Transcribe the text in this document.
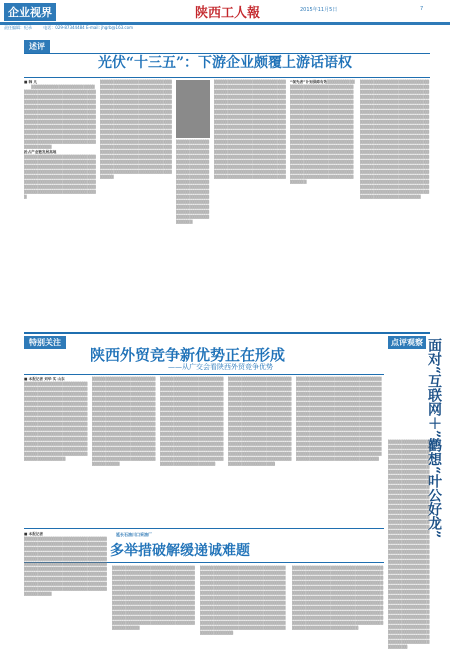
企业视界	陕西工人報	2015年11月5日	7
责任编辑：纪录	电话：029-87344484 E-mail: jhgrb@163.com
述评
光伏“十三五”：下游企业颇覆上游话语权
■ 韩 凡
　　▒▒▒▒▒▒▒▒▒▒▒▒▒▒▒▒▒▒▒▒▒▒▒▒▒▒▒▒▒▒▒▒▒▒▒▒▒▒▒▒▒▒▒▒▒▒▒▒▒▒▒▒▒▒▒▒▒▒▒▒▒▒▒▒▒▒▒▒▒▒▒▒▒▒▒▒▒▒▒▒▒▒▒▒▒▒▒▒▒▒▒▒▒▒▒▒▒▒▒▒▒▒▒▒▒▒▒▒▒▒▒▒▒▒▒▒▒▒▒▒▒▒▒▒▒▒▒▒▒▒▒▒▒▒▒▒▒▒▒▒▒▒▒▒▒▒▒▒▒▒▒▒▒▒▒▒▒▒▒▒▒▒▒▒▒▒▒▒▒▒▒▒▒▒▒▒▒▒▒▒▒▒▒▒▒▒▒▒▒▒▒▒▒▒▒▒▒▒▒▒▒▒▒▒▒▒▒▒▒▒▒▒▒▒▒▒▒▒▒▒▒▒▒▒▒▒▒▒▒▒▒▒▒▒▒▒▒▒▒▒▒▒▒▒▒▒▒▒▒▒▒▒▒▒▒▒▒▒▒▒▒▒▒▒▒▒▒▒▒▒▒▒▒▒▒▒▒▒▒▒▒▒▒▒▒▒▒▒▒▒▒▒▒▒▒▒▒▒▒▒▒▒▒▒▒▒▒▒▒▒▒▒▒▒▒▒▒▒▒
抢占产业链发展高地
▒▒▒▒▒▒▒▒▒▒▒▒▒▒▒▒▒▒▒▒▒▒▒▒▒▒▒▒▒▒▒▒▒▒▒▒▒▒▒▒▒▒▒▒▒▒▒▒▒▒▒▒▒▒▒▒▒▒▒▒▒▒▒▒▒▒▒▒▒▒▒▒▒▒▒▒▒▒▒▒▒▒▒▒▒▒▒▒▒▒▒▒▒▒▒▒▒▒▒▒▒▒▒▒▒▒▒▒▒▒▒▒▒▒▒▒▒▒▒▒▒▒▒▒▒▒▒▒▒▒▒▒▒▒▒▒▒▒▒▒▒▒▒▒▒▒▒▒▒▒▒▒▒▒▒▒▒▒▒▒▒▒▒▒▒▒▒▒▒▒▒▒▒▒▒▒▒▒▒▒▒▒▒▒▒▒▒▒▒▒▒▒▒▒▒▒▒▒▒▒▒▒▒▒▒▒▒▒▒
▒▒▒▒▒▒▒▒▒▒▒▒▒▒▒▒▒▒▒▒▒▒▒▒▒▒▒▒▒▒▒▒▒▒▒▒▒▒▒▒▒▒▒▒▒▒▒▒▒▒▒▒▒▒▒▒▒▒▒▒▒▒▒▒▒▒▒▒▒▒▒▒▒▒▒▒▒▒▒▒▒▒▒▒▒▒▒▒▒▒▒▒▒▒▒▒▒▒▒▒▒▒▒▒▒▒▒▒▒▒▒▒▒▒▒▒▒▒▒▒▒▒▒▒▒▒▒▒▒▒▒▒▒▒▒▒▒▒▒▒▒▒▒▒▒▒▒▒▒▒▒▒▒▒▒▒▒▒▒▒▒▒▒▒▒▒▒▒▒▒▒▒▒▒▒▒▒▒▒▒▒▒▒▒▒▒▒▒▒▒▒▒▒▒▒▒▒▒▒▒▒▒▒▒▒▒▒▒▒▒▒▒▒▒▒▒▒▒▒▒▒▒▒▒▒▒▒▒▒▒▒▒▒▒▒▒▒▒▒▒▒▒▒▒▒▒▒▒▒▒▒▒▒▒▒▒▒▒▒▒▒▒▒▒▒▒▒▒▒▒▒▒▒▒▒▒▒▒▒▒▒▒▒▒▒▒▒▒▒▒▒▒▒▒▒▒▒▒▒▒▒▒▒▒▒▒▒▒▒▒▒▒▒▒▒▒▒▒▒▒▒▒▒▒▒▒▒▒▒▒▒▒▒▒▒▒▒▒▒▒▒▒▒▒▒▒▒▒▒▒▒▒▒▒▒▒▒▒▒▒▒▒▒▒▒▒▒▒▒▒▒▒▒▒▒▒▒▒▒▒▒▒▒▒▒▒▒▒▒▒▒▒▒▒▒▒▒▒▒▒▒▒▒▒▒▒▒▒▒▒▒▒▒▒▒▒▒▒▒▒▒▒▒▒▒▒▒▒▒▒▒▒▒▒▒▒▒▒▒▒▒▒▒▒▒▒▒▒▒▒▒▒▒▒▒▒▒▒▒▒▒▒▒▒▒▒▒▒▒▒▒▒▒▒▒▒▒▒▒▒▒▒▒▒▒▒▒▒▒▒▒▒▒▒▒▒▒▒▒
▒▒▒▒▒▒▒▒▒▒▒▒▒▒▒▒▒▒▒▒▒▒▒▒▒▒▒▒▒▒▒▒▒▒▒▒▒▒▒▒▒▒▒▒▒▒▒▒▒▒▒▒▒▒▒▒▒▒▒▒▒▒▒▒▒▒▒▒▒▒▒▒▒▒▒▒▒▒▒▒▒▒▒▒▒▒▒▒▒▒▒▒▒▒▒▒▒▒▒▒▒▒▒▒▒▒▒▒▒▒▒▒▒▒▒▒▒▒▒▒▒▒▒▒▒▒▒▒▒▒▒▒▒▒▒▒▒▒▒▒▒▒▒▒▒▒▒▒▒▒▒▒▒▒▒▒▒▒▒▒▒▒▒▒▒▒▒▒▒▒▒▒▒▒▒▒▒▒▒▒▒▒▒▒▒▒▒▒▒▒▒▒▒▒▒▒▒▒
▒▒▒▒▒▒▒▒▒▒▒▒▒▒▒▒▒▒▒▒▒▒▒▒▒▒▒▒▒▒▒▒▒▒▒▒▒▒▒▒▒▒▒▒▒▒▒▒▒▒▒▒▒▒▒▒▒▒▒▒▒▒▒▒▒▒▒▒▒▒▒▒▒▒▒▒▒▒▒▒▒▒▒▒▒▒▒▒▒▒▒▒▒▒▒▒▒▒▒▒▒▒▒▒▒▒▒▒▒▒▒▒▒▒▒▒▒▒▒▒▒▒▒▒▒▒▒▒▒▒▒▒▒▒▒▒▒▒▒▒▒▒▒▒▒▒▒▒▒▒▒▒▒▒▒▒▒▒▒▒▒▒▒▒▒▒▒▒▒▒▒▒▒▒▒▒▒▒▒▒▒▒▒▒▒▒▒▒▒▒▒▒▒▒▒▒▒▒▒▒▒▒▒▒▒▒▒▒▒▒▒▒▒▒▒▒▒▒▒▒▒▒▒▒▒▒▒▒▒▒▒▒▒▒▒▒▒▒▒▒▒▒▒▒▒▒▒▒▒▒▒▒▒▒▒▒▒▒▒▒▒▒▒▒▒▒▒▒▒▒▒▒▒▒▒▒▒▒▒▒▒▒▒▒▒▒▒▒▒▒▒▒▒▒▒▒▒▒▒▒▒▒▒▒▒▒▒▒▒▒▒▒▒▒▒▒▒▒▒▒▒▒▒▒▒▒▒▒▒▒▒▒▒▒▒▒▒▒▒▒▒▒▒▒▒▒▒▒▒▒▒▒▒▒▒▒▒▒▒▒▒▒▒▒▒▒▒▒▒▒▒▒▒▒▒▒▒▒▒▒▒▒▒▒▒▒▒▒▒▒▒▒▒▒▒▒▒▒▒▒▒▒▒▒▒▒▒▒▒▒▒▒▒▒▒▒▒▒▒▒▒▒▒▒▒▒▒▒▒▒▒▒▒▒▒▒▒▒▒▒▒▒▒▒▒▒▒▒▒▒▒▒▒▒▒▒▒▒▒▒▒▒▒▒▒▒▒▒▒▒▒▒▒▒▒▒▒▒▒▒▒▒▒▒▒▒▒▒▒▒▒▒▒▒▒▒▒▒▒▒▒▒▒▒▒▒▒▒▒▒▒▒▒▒▒▒▒▒▒▒
“领先者”计划保障有效▒▒▒▒▒▒▒▒▒▒▒▒▒▒▒▒▒▒▒▒▒▒▒▒▒▒▒▒▒▒▒▒▒▒▒▒▒▒▒▒▒▒▒▒▒▒▒▒▒▒▒▒▒▒▒▒▒▒▒▒▒▒▒▒▒▒▒▒▒▒▒▒▒▒▒▒▒▒▒▒▒▒▒▒▒▒▒▒▒▒▒▒▒▒▒▒▒▒▒▒▒▒▒▒▒▒▒▒▒▒▒▒▒▒▒▒▒▒▒▒▒▒▒▒▒▒▒▒▒▒▒▒▒▒▒▒▒▒▒▒▒▒▒▒▒▒▒▒▒▒▒▒▒▒▒▒▒▒▒▒▒▒▒▒▒▒▒▒▒▒▒▒▒▒▒▒▒▒▒▒▒▒▒▒▒▒▒▒▒▒▒▒▒▒▒▒▒▒▒▒▒▒▒▒▒▒▒▒▒▒▒▒▒▒▒▒▒▒▒▒▒▒▒▒▒▒▒▒▒▒▒▒▒▒▒▒▒▒▒▒▒▒▒▒▒▒▒▒▒▒▒▒▒▒▒▒▒▒▒▒▒▒▒▒▒▒▒▒▒▒▒▒▒▒▒▒▒▒▒▒▒▒▒▒▒▒▒▒▒▒▒▒▒▒▒▒▒▒▒▒▒▒▒▒▒▒▒▒▒▒▒▒▒▒▒▒▒▒▒▒▒▒▒▒▒▒▒▒▒▒▒▒▒▒▒▒▒▒▒▒▒▒▒▒▒▒▒▒▒▒▒▒▒▒▒▒▒▒▒▒▒▒▒▒▒▒▒▒▒▒▒▒▒▒▒▒▒▒▒▒▒▒▒▒▒▒▒▒▒▒▒▒▒▒▒▒▒▒▒▒▒▒▒▒▒▒▒▒▒▒▒▒▒▒▒▒▒▒▒▒▒▒▒▒▒▒▒▒▒▒▒▒▒▒▒▒▒▒▒▒▒▒▒▒▒▒▒▒▒▒▒▒▒
▒▒▒▒▒▒▒▒▒▒▒▒▒▒▒▒▒▒▒▒▒▒▒▒▒▒▒▒▒▒▒▒▒▒▒▒▒▒▒▒▒▒▒▒▒▒▒▒▒▒▒▒▒▒▒▒▒▒▒▒▒▒▒▒▒▒▒▒▒▒▒▒▒▒▒▒▒▒▒▒▒▒▒▒▒▒▒▒▒▒▒▒▒▒▒▒▒▒▒▒▒▒▒▒▒▒▒▒▒▒▒▒▒▒▒▒▒▒▒▒▒▒▒▒▒▒▒▒▒▒▒▒▒▒▒▒▒▒▒▒▒▒▒▒▒▒▒▒▒▒▒▒▒▒▒▒▒▒▒▒▒▒▒▒▒▒▒▒▒▒▒▒▒▒▒▒▒▒▒▒▒▒▒▒▒▒▒▒▒▒▒▒▒▒▒▒▒▒▒▒▒▒▒▒▒▒▒▒▒▒▒▒▒▒▒▒▒▒▒▒▒▒▒▒▒▒▒▒▒▒▒▒▒▒▒▒▒▒▒▒▒▒▒▒▒▒▒▒▒▒▒▒▒▒▒▒▒▒▒▒▒▒▒▒▒▒▒▒▒▒▒▒▒▒▒▒▒▒▒▒▒▒▒▒▒▒▒▒▒▒▒▒▒▒▒▒▒▒▒▒▒▒▒▒▒▒▒▒▒▒▒▒▒▒▒▒▒▒▒▒▒▒▒▒▒▒▒▒▒▒▒▒▒▒▒▒▒▒▒▒▒▒▒▒▒▒▒▒▒▒▒▒▒▒▒▒▒▒▒▒▒▒▒▒▒▒▒▒▒▒▒▒▒▒▒▒▒▒▒▒▒▒▒▒▒▒▒▒▒▒▒▒▒▒▒▒▒▒▒▒▒▒▒▒▒▒▒▒▒▒▒▒▒▒▒▒▒▒▒▒▒▒▒▒▒▒▒▒▒▒▒▒▒▒▒▒▒▒▒▒▒▒▒▒▒▒▒▒▒▒▒▒▒▒▒▒▒▒▒▒▒▒▒▒▒▒▒▒▒▒▒▒▒▒▒▒▒▒▒▒▒▒▒▒▒▒▒▒▒▒▒▒▒▒▒▒▒▒▒▒▒▒▒▒▒▒▒▒▒▒▒▒▒▒▒▒▒▒▒▒▒▒▒▒▒▒▒▒▒▒▒▒▒▒▒▒▒▒▒▒▒▒▒▒▒▒▒▒▒▒▒▒▒▒▒▒▒▒▒▒▒▒▒▒▒▒▒▒▒▒▒▒▒▒▒▒▒▒▒▒▒▒▒▒▒▒▒▒▒▒▒▒▒▒▒▒▒
特别关注
陕西外贸竞争新优势正在形成
——从广交会看陕西外贸竞争优势
■ 本报记者 刘华 实 山东
▒▒▒▒▒▒▒▒▒▒▒▒▒▒▒▒▒▒▒▒▒▒▒▒▒▒▒▒▒▒▒▒▒▒▒▒▒▒▒▒▒▒▒▒▒▒▒▒▒▒▒▒▒▒▒▒▒▒▒▒▒▒▒▒▒▒▒▒▒▒▒▒▒▒▒▒▒▒▒▒▒▒▒▒▒▒▒▒▒▒▒▒▒▒▒▒▒▒▒▒▒▒▒▒▒▒▒▒▒▒▒▒▒▒▒▒▒▒▒▒▒▒▒▒▒▒▒▒▒▒▒▒▒▒▒▒▒▒▒▒▒▒▒▒▒▒▒▒▒▒▒▒▒▒▒▒▒▒▒▒▒▒▒▒▒▒▒▒▒▒▒▒▒▒▒▒▒▒▒▒▒▒▒▒▒▒▒▒▒▒▒▒▒▒▒▒▒▒▒▒▒▒▒▒▒▒▒▒▒▒▒▒▒▒▒▒▒▒▒▒▒▒▒▒▒▒▒▒▒▒▒▒▒▒▒▒▒▒▒▒▒▒▒▒▒▒▒▒▒▒▒▒▒▒▒▒▒▒▒▒▒▒▒▒▒▒▒▒▒▒▒▒▒▒▒▒▒▒▒▒▒▒▒▒▒▒▒▒▒▒▒▒▒▒▒▒▒▒▒▒▒▒▒▒▒▒▒▒▒▒▒▒▒▒▒▒▒▒▒▒▒▒▒▒▒▒▒▒▒▒▒▒▒▒▒▒▒▒▒▒▒▒▒▒▒▒▒▒▒▒▒▒▒▒▒▒▒▒▒▒
▒▒▒▒▒▒▒▒▒▒▒▒▒▒▒▒▒▒▒▒▒▒▒▒▒▒▒▒▒▒▒▒▒▒▒▒▒▒▒▒▒▒▒▒▒▒▒▒▒▒▒▒▒▒▒▒▒▒▒▒▒▒▒▒▒▒▒▒▒▒▒▒▒▒▒▒▒▒▒▒▒▒▒▒▒▒▒▒▒▒▒▒▒▒▒▒▒▒▒▒▒▒▒▒▒▒▒▒▒▒▒▒▒▒▒▒▒▒▒▒▒▒▒▒▒▒▒▒▒▒▒▒▒▒▒▒▒▒▒▒▒▒▒▒▒▒▒▒▒▒▒▒▒▒▒▒▒▒▒▒▒▒▒▒▒▒▒▒▒▒▒▒▒▒▒▒▒▒▒▒▒▒▒▒▒▒▒▒▒▒▒▒▒▒▒▒▒▒▒▒▒▒▒▒▒▒▒▒▒▒▒▒▒▒▒▒▒▒▒▒▒▒▒▒▒▒▒▒▒▒▒▒▒▒▒▒▒▒▒▒▒▒▒▒▒▒▒▒▒▒▒▒▒▒▒▒▒▒▒▒▒▒▒▒▒▒▒▒▒▒▒▒▒▒▒▒▒▒▒▒▒▒▒▒▒▒▒▒▒▒▒▒▒▒▒▒▒▒▒▒▒▒▒▒▒▒▒▒▒▒▒▒▒▒▒▒▒▒▒▒▒▒▒▒▒▒▒▒▒▒▒▒▒▒▒▒▒▒▒▒▒▒▒▒▒▒▒▒▒▒▒▒▒▒▒▒▒▒▒▒▒▒▒▒▒▒▒▒▒▒▒▒▒▒▒▒▒▒▒▒▒▒▒▒▒▒▒▒▒▒▒▒▒▒▒▒▒▒▒▒▒
▒▒▒▒▒▒▒▒▒▒▒▒▒▒▒▒▒▒▒▒▒▒▒▒▒▒▒▒▒▒▒▒▒▒▒▒▒▒▒▒▒▒▒▒▒▒▒▒▒▒▒▒▒▒▒▒▒▒▒▒▒▒▒▒▒▒▒▒▒▒▒▒▒▒▒▒▒▒▒▒▒▒▒▒▒▒▒▒▒▒▒▒▒▒▒▒▒▒▒▒▒▒▒▒▒▒▒▒▒▒▒▒▒▒▒▒▒▒▒▒▒▒▒▒▒▒▒▒▒▒▒▒▒▒▒▒▒▒▒▒▒▒▒▒▒▒▒▒▒▒▒▒▒▒▒▒▒▒▒▒▒▒▒▒▒▒▒▒▒▒▒▒▒▒▒▒▒▒▒▒▒▒▒▒▒▒▒▒▒▒▒▒▒▒▒▒▒▒▒▒▒▒▒▒▒▒▒▒▒▒▒▒▒▒▒▒▒▒▒▒▒▒▒▒▒▒▒▒▒▒▒▒▒▒▒▒▒▒▒▒▒▒▒▒▒▒▒▒▒▒▒▒▒▒▒▒▒▒▒▒▒▒▒▒▒▒▒▒▒▒▒▒▒▒▒▒▒▒▒▒▒▒▒▒▒▒▒▒▒▒▒▒▒▒▒▒▒▒▒▒▒▒▒▒▒▒▒▒▒▒▒▒▒▒▒▒▒▒▒▒▒▒▒▒▒▒▒▒▒▒▒▒▒▒▒▒▒▒▒▒▒▒▒▒▒▒▒▒▒▒▒▒▒▒▒▒▒▒▒▒▒▒▒▒▒▒▒▒▒▒▒▒▒▒▒▒▒▒▒▒▒▒▒▒▒▒▒▒▒▒▒▒▒▒▒▒▒▒▒▒▒▒▒▒▒▒▒▒▒▒▒
▒▒▒▒▒▒▒▒▒▒▒▒▒▒▒▒▒▒▒▒▒▒▒▒▒▒▒▒▒▒▒▒▒▒▒▒▒▒▒▒▒▒▒▒▒▒▒▒▒▒▒▒▒▒▒▒▒▒▒▒▒▒▒▒▒▒▒▒▒▒▒▒▒▒▒▒▒▒▒▒▒▒▒▒▒▒▒▒▒▒▒▒▒▒▒▒▒▒▒▒▒▒▒▒▒▒▒▒▒▒▒▒▒▒▒▒▒▒▒▒▒▒▒▒▒▒▒▒▒▒▒▒▒▒▒▒▒▒▒▒▒▒▒▒▒▒▒▒▒▒▒▒▒▒▒▒▒▒▒▒▒▒▒▒▒▒▒▒▒▒▒▒▒▒▒▒▒▒▒▒▒▒▒▒▒▒▒▒▒▒▒▒▒▒▒▒▒▒▒▒▒▒▒▒▒▒▒▒▒▒▒▒▒▒▒▒▒▒▒▒▒▒▒▒▒▒▒▒▒▒▒▒▒▒▒▒▒▒▒▒▒▒▒▒▒▒▒▒▒▒▒▒▒▒▒▒▒▒▒▒▒▒▒▒▒▒▒▒▒▒▒▒▒▒▒▒▒▒▒▒▒▒▒▒▒▒▒▒▒▒▒▒▒▒▒▒▒▒▒▒▒▒▒▒▒▒▒▒▒▒▒▒▒▒▒▒▒▒▒▒▒▒▒▒▒▒▒▒▒▒▒▒▒▒▒▒▒▒▒▒▒▒▒▒▒▒▒▒▒▒▒▒▒▒▒▒▒▒▒▒▒▒▒▒▒▒▒▒▒▒▒▒▒▒▒▒▒▒▒▒▒▒▒▒▒▒▒▒▒▒▒▒▒▒▒▒▒▒▒▒▒▒▒▒▒▒▒▒
▒▒▒▒▒▒▒▒▒▒▒▒▒▒▒▒▒▒▒▒▒▒▒▒▒▒▒▒▒▒▒▒▒▒▒▒▒▒▒▒▒▒▒▒▒▒▒▒▒▒▒▒▒▒▒▒▒▒▒▒▒▒▒▒▒▒▒▒▒▒▒▒▒▒▒▒▒▒▒▒▒▒▒▒▒▒▒▒▒▒▒▒▒▒▒▒▒▒▒▒▒▒▒▒▒▒▒▒▒▒▒▒▒▒▒▒▒▒▒▒▒▒▒▒▒▒▒▒▒▒▒▒▒▒▒▒▒▒▒▒▒▒▒▒▒▒▒▒▒▒▒▒▒▒▒▒▒▒▒▒▒▒▒▒▒▒▒▒▒▒▒▒▒▒▒▒▒▒▒▒▒▒▒▒▒▒▒▒▒▒▒▒▒▒▒▒▒▒▒▒▒▒▒▒▒▒▒▒▒▒▒▒▒▒▒▒▒▒▒▒▒▒▒▒▒▒▒▒▒▒▒▒▒▒▒▒▒▒▒▒▒▒▒▒▒▒▒▒▒▒▒▒▒▒▒▒▒▒▒▒▒▒▒▒▒▒▒▒▒▒▒▒▒▒▒▒▒▒▒▒▒▒▒▒▒▒▒▒▒▒▒▒▒▒▒▒▒▒▒▒▒▒▒▒▒▒▒▒▒▒▒▒▒▒▒▒▒▒▒▒▒▒▒▒▒▒▒▒▒▒▒▒▒▒▒▒▒▒▒▒▒▒▒▒▒▒▒▒▒▒▒▒▒▒▒▒▒▒▒▒▒▒▒▒▒▒▒▒▒▒▒▒▒▒▒▒▒▒▒▒▒▒▒▒▒▒▒▒▒▒▒▒▒▒▒▒▒▒▒▒▒▒▒▒▒▒▒▒▒▒▒▒▒▒▒▒▒▒▒▒▒▒▒▒▒▒▒▒▒▒▒▒▒▒▒▒▒▒▒▒▒▒▒▒▒▒▒▒▒▒▒▒▒▒▒▒▒▒▒▒▒▒▒▒▒▒▒▒▒▒▒▒▒▒▒▒▒▒▒▒▒▒▒▒▒▒▒▒▒▒▒▒▒▒▒▒▒▒▒▒▒▒▒▒▒▒▒▒▒▒▒▒▒▒▒▒▒▒▒▒▒▒▒▒▒▒
点评观察 面对“互联网＋”鹳想“叶公好龙”
▒▒▒▒▒▒▒▒▒▒▒▒▒▒▒▒▒▒▒▒▒▒▒▒▒▒▒▒▒▒▒▒▒▒▒▒▒▒▒▒▒▒▒▒▒▒▒▒▒▒▒▒▒▒▒▒▒▒▒▒▒▒▒▒▒▒▒▒▒▒▒▒▒▒▒▒▒▒▒▒▒▒▒▒▒▒▒▒▒▒▒▒▒▒▒▒▒▒▒▒▒▒▒▒▒▒▒▒▒▒▒▒▒▒▒▒▒▒▒▒▒▒▒▒▒▒▒▒▒▒▒▒▒▒▒▒▒▒▒▒▒▒▒▒▒▒▒▒▒▒▒▒▒▒▒▒▒▒▒▒▒▒▒▒▒▒▒▒▒▒▒▒▒▒▒▒▒▒▒▒▒▒▒▒▒▒▒▒▒▒▒▒▒▒▒▒▒▒▒▒▒▒▒▒▒▒▒▒▒▒▒▒▒▒▒▒▒▒▒▒▒▒▒▒▒▒▒▒▒▒▒▒▒▒▒▒▒▒▒▒▒▒▒▒▒▒▒▒▒▒▒▒▒▒▒▒▒▒▒▒▒▒▒▒▒▒▒▒▒▒▒▒▒▒▒▒▒▒▒▒▒▒▒▒▒▒▒▒▒▒▒▒▒▒▒▒▒▒▒▒▒▒▒▒▒▒▒▒▒▒▒▒▒▒▒▒▒▒▒▒▒▒▒▒▒▒▒▒▒▒▒▒▒▒▒▒▒▒▒▒▒▒▒▒▒▒▒▒▒▒▒▒▒▒▒▒▒▒▒▒▒▒▒▒▒▒▒▒▒▒▒▒▒▒▒▒▒▒▒▒▒▒▒▒▒▒▒▒▒▒▒▒▒▒▒▒▒▒▒▒▒▒▒▒▒▒▒▒▒▒▒▒▒▒▒▒▒▒▒▒▒▒▒▒▒▒▒▒▒▒▒▒▒▒▒▒▒▒▒▒▒▒▒▒▒▒▒▒▒▒▒▒▒▒▒▒▒▒▒▒▒▒▒▒▒▒▒▒▒▒▒▒▒▒▒▒▒▒▒▒▒▒▒▒▒▒▒▒▒▒▒▒▒▒▒▒▒▒▒▒▒▒▒▒▒▒▒▒▒▒▒▒▒▒▒▒▒▒▒▒▒▒▒▒▒▒▒▒▒▒▒▒▒▒▒▒▒▒▒▒▒▒▒▒▒▒▒▒▒▒▒▒▒▒▒▒▒▒▒▒▒▒▒▒▒▒▒▒▒▒▒▒▒▒▒▒▒▒▒▒▒▒▒▒▒▒▒▒▒▒▒▒▒▒▒▒▒▒▒▒▒▒▒▒▒▒▒▒▒▒▒▒▒▒▒▒▒▒▒▒▒▒
延长石油川口采油厂
多举措破解缓递诚难题
■ 本报记者
▒▒▒▒▒▒▒▒▒▒▒▒▒▒▒▒▒▒▒▒▒▒▒▒▒▒▒▒▒▒▒▒▒▒▒▒▒▒▒▒▒▒▒▒▒▒▒▒▒▒▒▒▒▒▒▒▒▒▒▒▒▒▒▒▒▒▒▒▒▒▒▒▒▒▒▒▒▒▒▒▒▒▒▒▒▒▒▒▒▒▒▒▒▒▒▒▒▒▒▒▒▒▒▒▒▒▒▒▒▒▒▒▒▒▒▒▒▒▒▒▒▒▒▒▒▒▒▒▒▒▒▒▒▒▒▒▒▒▒▒▒▒▒▒▒▒▒▒▒▒▒▒▒▒▒▒▒▒▒▒▒▒▒▒▒▒▒▒▒▒▒▒▒▒▒▒▒▒▒▒▒▒▒▒▒▒▒▒▒▒▒▒▒▒▒▒▒▒▒▒▒▒▒▒▒▒▒▒▒▒▒▒▒▒▒▒▒▒▒▒▒▒▒▒▒▒▒▒▒▒▒▒▒▒▒▒▒▒▒▒▒▒▒▒▒▒▒▒▒▒▒▒▒▒▒▒▒▒▒▒▒▒▒▒▒▒▒▒▒▒▒▒▒▒▒▒▒▒▒▒▒▒▒▒▒▒▒▒▒▒▒▒▒▒▒▒▒▒▒▒▒▒▒▒▒▒▒▒▒▒▒▒▒▒▒▒▒▒▒▒▒▒▒▒▒▒▒▒▒▒▒▒▒▒▒▒▒▒▒▒
▒▒▒▒▒▒▒▒▒▒▒▒▒▒▒▒▒▒▒▒▒▒▒▒▒▒▒▒▒▒▒▒▒▒▒▒▒▒▒▒▒▒▒▒▒▒▒▒▒▒▒▒▒▒▒▒▒▒▒▒▒▒▒▒▒▒▒▒▒▒▒▒▒▒▒▒▒▒▒▒▒▒▒▒▒▒▒▒▒▒▒▒▒▒▒▒▒▒▒▒▒▒▒▒▒▒▒▒▒▒▒▒▒▒▒▒▒▒▒▒▒▒▒▒▒▒▒▒▒▒▒▒▒▒▒▒▒▒▒▒▒▒▒▒▒▒▒▒▒▒▒▒▒▒▒▒▒▒▒▒▒▒▒▒▒▒▒▒▒▒▒▒▒▒▒▒▒▒▒▒▒▒▒▒▒▒▒▒▒▒▒▒▒▒▒▒▒▒▒▒▒▒▒▒▒▒▒▒▒▒▒▒▒▒▒▒▒▒▒▒▒▒▒▒▒▒▒▒▒▒▒▒▒▒▒▒▒▒▒▒▒▒▒▒▒▒▒▒▒▒▒▒▒▒▒▒▒▒▒▒▒▒▒▒▒▒▒▒▒▒▒▒▒▒▒▒▒▒▒▒▒▒▒▒▒▒▒▒▒▒▒▒▒▒▒▒▒▒▒▒▒▒▒▒▒▒▒▒▒▒▒▒▒▒▒▒▒▒▒▒▒▒▒▒▒▒▒▒▒▒▒▒▒▒▒▒▒▒▒▒▒▒▒▒▒▒▒▒▒▒▒▒▒▒▒▒▒▒▒▒▒▒▒▒▒▒▒▒▒▒
▒▒▒▒▒▒▒▒▒▒▒▒▒▒▒▒▒▒▒▒▒▒▒▒▒▒▒▒▒▒▒▒▒▒▒▒▒▒▒▒▒▒▒▒▒▒▒▒▒▒▒▒▒▒▒▒▒▒▒▒▒▒▒▒▒▒▒▒▒▒▒▒▒▒▒▒▒▒▒▒▒▒▒▒▒▒▒▒▒▒▒▒▒▒▒▒▒▒▒▒▒▒▒▒▒▒▒▒▒▒▒▒▒▒▒▒▒▒▒▒▒▒▒▒▒▒▒▒▒▒▒▒▒▒▒▒▒▒▒▒▒▒▒▒▒▒▒▒▒▒▒▒▒▒▒▒▒▒▒▒▒▒▒▒▒▒▒▒▒▒▒▒▒▒▒▒▒▒▒▒▒▒▒▒▒▒▒▒▒▒▒▒▒▒▒▒▒▒▒▒▒▒▒▒▒▒▒▒▒▒▒▒▒▒▒▒▒▒▒▒▒▒▒▒▒▒▒▒▒▒▒▒▒▒▒▒▒▒▒▒▒▒▒▒▒▒▒▒▒▒▒▒▒▒▒▒▒▒▒▒▒▒▒▒▒▒▒▒▒▒▒▒▒▒▒▒▒▒▒▒▒▒▒▒▒▒▒▒▒▒▒▒▒▒▒▒▒▒▒▒▒▒▒▒▒▒▒▒▒▒▒▒▒▒▒▒▒▒▒▒▒▒▒▒▒▒▒▒▒▒▒▒▒▒▒▒▒▒▒▒▒▒▒▒▒▒▒▒▒▒▒▒▒▒▒▒▒▒▒▒▒▒▒▒▒▒▒▒▒▒▒▒▒▒▒▒▒▒▒▒▒▒▒▒▒▒▒▒▒▒▒▒▒▒▒▒▒▒▒▒▒▒▒▒▒▒▒▒▒▒▒▒▒▒▒
▒▒▒▒▒▒▒▒▒▒▒▒▒▒▒▒▒▒▒▒▒▒▒▒▒▒▒▒▒▒▒▒▒▒▒▒▒▒▒▒▒▒▒▒▒▒▒▒▒▒▒▒▒▒▒▒▒▒▒▒▒▒▒▒▒▒▒▒▒▒▒▒▒▒▒▒▒▒▒▒▒▒▒▒▒▒▒▒▒▒▒▒▒▒▒▒▒▒▒▒▒▒▒▒▒▒▒▒▒▒▒▒▒▒▒▒▒▒▒▒▒▒▒▒▒▒▒▒▒▒▒▒▒▒▒▒▒▒▒▒▒▒▒▒▒▒▒▒▒▒▒▒▒▒▒▒▒▒▒▒▒▒▒▒▒▒▒▒▒▒▒▒▒▒▒▒▒▒▒▒▒▒▒▒▒▒▒▒▒▒▒▒▒▒▒▒▒▒▒▒▒▒▒▒▒▒▒▒▒▒▒▒▒▒▒▒▒▒▒▒▒▒▒▒▒▒▒▒▒▒▒▒▒▒▒▒▒▒▒▒▒▒▒▒▒▒▒▒▒▒▒▒▒▒▒▒▒▒▒▒▒▒▒▒▒▒▒▒▒▒▒▒▒▒▒▒▒▒▒▒▒▒▒▒▒▒▒▒▒▒▒▒▒▒▒▒▒▒▒▒▒▒▒▒▒▒▒▒▒▒▒▒▒▒▒▒▒▒▒▒▒▒▒▒▒▒▒▒▒▒▒▒▒▒▒▒▒▒▒▒▒▒▒▒▒▒▒▒▒▒▒▒▒▒▒▒▒▒▒▒▒▒▒▒▒▒▒▒▒▒▒▒▒▒▒▒▒▒▒▒▒▒▒▒▒▒▒▒▒▒▒▒▒▒▒▒▒▒▒▒▒▒▒▒▒▒▒▒▒▒▒▒▒▒▒▒▒▒▒▒
